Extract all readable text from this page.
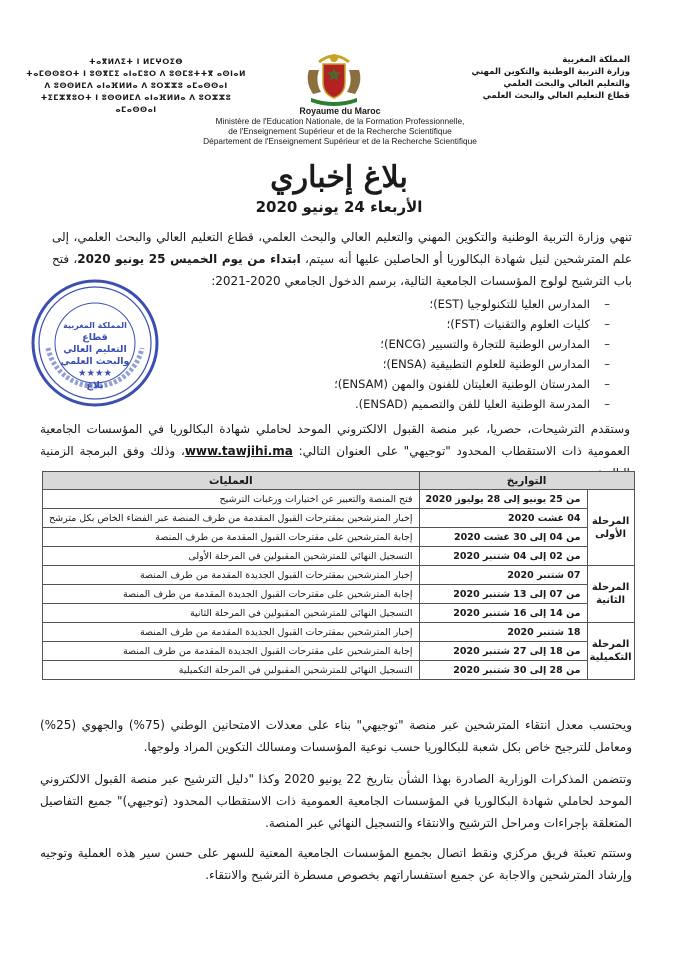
المملكة المغربية
وزارة التربية الوطنية والتكوين المهني
والتعليم العالي والبحث العلمي
قطاع التعليم العالي والبحث العلمي
ⵜⴰⴳⵍⴷⵉⵜ ⵏ ⵍⵎⵖⵔⵉⴱ
ⵜⴰⵎⵙⵙⵓⵔⵜ ⵏ ⵓⵙⴳⵎⵉ ⴰⵏⴰⵎⵓⵔ ⴷ ⵓⵙⵎⵓⵜⵜⴳ ⴰⵙⵏⴰⵍ
ⴷ ⵓⵙⵙⵍⵎⴷ ⴰⵏⴰⴼⵍⵍⴰ ⴷ ⵓⵔⵣⵣⵓ ⴰⵎⴰⵙⵙⴰⵏ
ⵜⵉⵎⵣⴳⵓⵔⵜ ⵏ ⵓⵙⵙⵍⵎⴷ ⴰⵏⴰⴼⵍⵍⴰ ⴷ ⵓⵔⵣⵣⵓ ⴰⵎⴰⵙⵙⴰⵏ	Royaume du Maroc
Ministère de l'Education Nationale, de la Formation Professionnelle,
de l'Enseignement Supérieur et de la Recherche Scientifique
Département de l'Enseignement Supérieur et de la Recherche Scientifique
بلاغ إخباري
الأربعاء 24 يونيو 2020
تنهي وزارة التربية الوطنية والتكوين المهني والتعليم العالي والبحث العلمي، قطاع التعليم العالي والبحث العلمي، إلى علم المترشحين لنيل شهادة البكالوريا أو الحاصلين عليها أنه سيتم، ابتداء من يوم الخميس 25 يونيو 2020، فتح باب الترشيح لولوج المؤسسات الجامعية التالية، برسم الدخول الجامعي 2020-2021:
– المدارس العليا للتكنولوجيا (EST)؛
– كليات العلوم والتقنيات (FST)؛
– المدارس الوطنية للتجارة والتسيير (ENCG)؛
– المدارس الوطنية للعلوم التطبيقية (ENSA)؛
– المدرستان الوطنية العليتان للفنون والمهن (ENSAM)؛
– المدرسة الوطنية العليا للفن والتصميم (ENSAD).
المملكة المغربية
قطاع
التعليم العالي
والبحث العلمي
★★★★
بلاغ
وستقدم الترشيحات، حصريا، عبر منصة القبول الالكتروني الموحد لحاملي شهادة البكالوريا في المؤسسات الجامعية العمومية ذات الاستقطاب المحدود "توجيهي" على العنوان التالي: www.tawjihi.ma، وذلك وفق البرمجة الزمنية
التواريخ		العمليات
المرحلة الأولى	من 25 يونيو إلى 28 يوليوز 2020	فتح المنصة والتعبير عن اختيارات ورغبات الترشيح
	04 غشت 2020	إخبار المترشحين بمقترحات القبول المقدمة من طرف المنصة عبر الفضاء الخاص بكل مترشح
	من 04 إلى 30 غشت 2020	إجابة المترشحين على مقترحات القبول المقدمة من طرف المنصة
	من 02 إلى 04 شتنبر 2020	التسجيل النهائي للمترشحين المقبولين في المرحلة الأولى
المرحلة الثانية	07 شتنبر 2020	إخبار المترشحين بمقترحات القبول الجديدة المقدمة من طرف المنصة
	من 07 إلى 13 شتنبر 2020	إجابة المترشحين على مقترحات القبول الجديدة المقدمة من طرف المنصة
	من 14 إلى 16 شتنبر 2020	التسجيل النهائي للمترشحين المقبولين في المرحلة الثانية
المرحلة التكميلية	18 شتنبر 2020	إخبار المترشحين بمقترحات القبول الجديدة المقدمة من طرف المنصة
	من 18 إلى 27 شتنبر 2020	إجابة المترشحين على مقترحات القبول الجديدة المقدمة من طرف المنصة
	من 28 إلى 30 شتنبر 2020	التسجيل النهائي للمترشحين المقبولين في المرحلة التكميلية
ويحتسب معدل انتقاء المترشحين عبر منصة "توجيهي" بناء على معدلات الامتحانين الوطني (75%) والجهوي (25%) ومعامل للترجيح خاص بكل شعبة للبكالوريا حسب نوعية المؤسسات ومسالك التكوين المراد ولوجها.
وتتضمن المذكرات الوزارية الصادرة بهذا الشأن بتاريخ 22 يونيو 2020 وكذا "دليل الترشيح عبر منصة القبول الالكتروني الموحد لحاملي شهادة البكالوريا في المؤسسات الجامعية العمومية ذات الاستقطاب المحدود (توجيهي)" جميع التفاصيل المتعلقة بإجراءات ومراحل الترشيح والانتقاء والتسجيل النهائي عبر المنصة.
وستتم تعبئة فريق مركزي ونقط اتصال بجميع المؤسسات الجامعية المعنية للسهر على حسن سير هذه العملية وتوجيه وإرشاد المترشحين والاجابة عن جميع استفساراتهم بخصوص مسطرة الترشيح والانتقاء.
